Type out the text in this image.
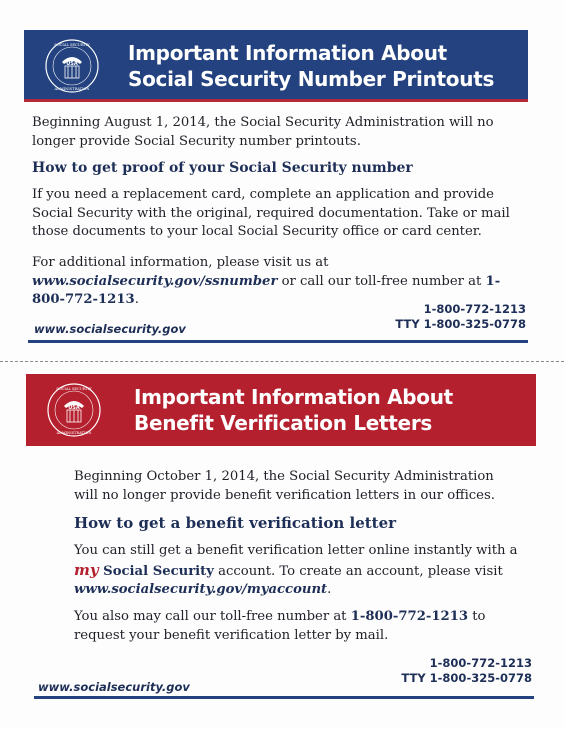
USA
SOCIAL SECURITY
ADMINISTRATION
Important Information About
Social Security Number Printouts
Beginning August 1, 2014, the Social Security Administration will no longer provide Social Security number printouts.
How to get proof of your Social Security number
If you need a replacement card, complete an application and provide Social Security with the original, required documentation. Take or mail those documents to your local Social Security office or card center.
For additional information, please visit us at www.socialsecurity.gov/ssnumber or call our toll-free number at 1-800-772-1213.
1-800-772-1213
TTY 1-800-325-0778
www.socialsecurity.gov
USA
SOCIAL SECURITY
ADMINISTRATION
Important Information About
Benefit Verification Letters
Beginning October 1, 2014, the Social Security Administration will no longer provide benefit verification letters in our offices.
How to get a benefit verification letter
You can still get a benefit verification letter online instantly with a my Social Security account. To create an account, please visit www.socialsecurity.gov/myaccount.
You also may call our toll-free number at 1-800-772-1213 to request your benefit verification letter by mail.
1-800-772-1213
TTY 1-800-325-0778
www.socialsecurity.gov
